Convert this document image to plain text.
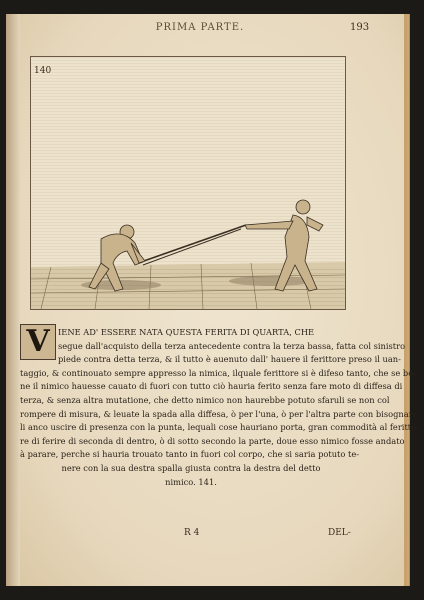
PRIMA PARTE.	193
140
V	IENE AD' ESSERE NATA QUESTA FERITA DI QUARTA, CHE
segue dall'acquisto della terza antecedente contra la terza bassa, fatta col sinistro
piede contra detta terza, & il tutto è auenuto dall' hauere il ferittore preso il uan-
taggio, & continouato sempre appresso la nimica, ilquale ferittore si è difeso tanto, che se be-
ne il nimico hauesse cauato di fuori con tutto ciò hauria ferito senza fare moto di diffesa di
terza, & senza altra mutatione, che detto nimico non haurebbe potuto sfaruli se non col
rompere di misura, & leuate la spada alla diffesa, ò per l'una, ò per l'altra parte con bisognar-
li anco uscire di presenza con la punta, lequali cose hauriano porta, gran commodità al feritto-
re di ferire di seconda di dentro, ò di sotto secondo la parte, doue esso nimico fosse andato
à parare, perche si hauria trouato tanto in fuori col corpo, che si saria potuto te-
nere con la sua destra spalla giusta contra la destra del detto
nimico. 141.
R 4	DEL-
